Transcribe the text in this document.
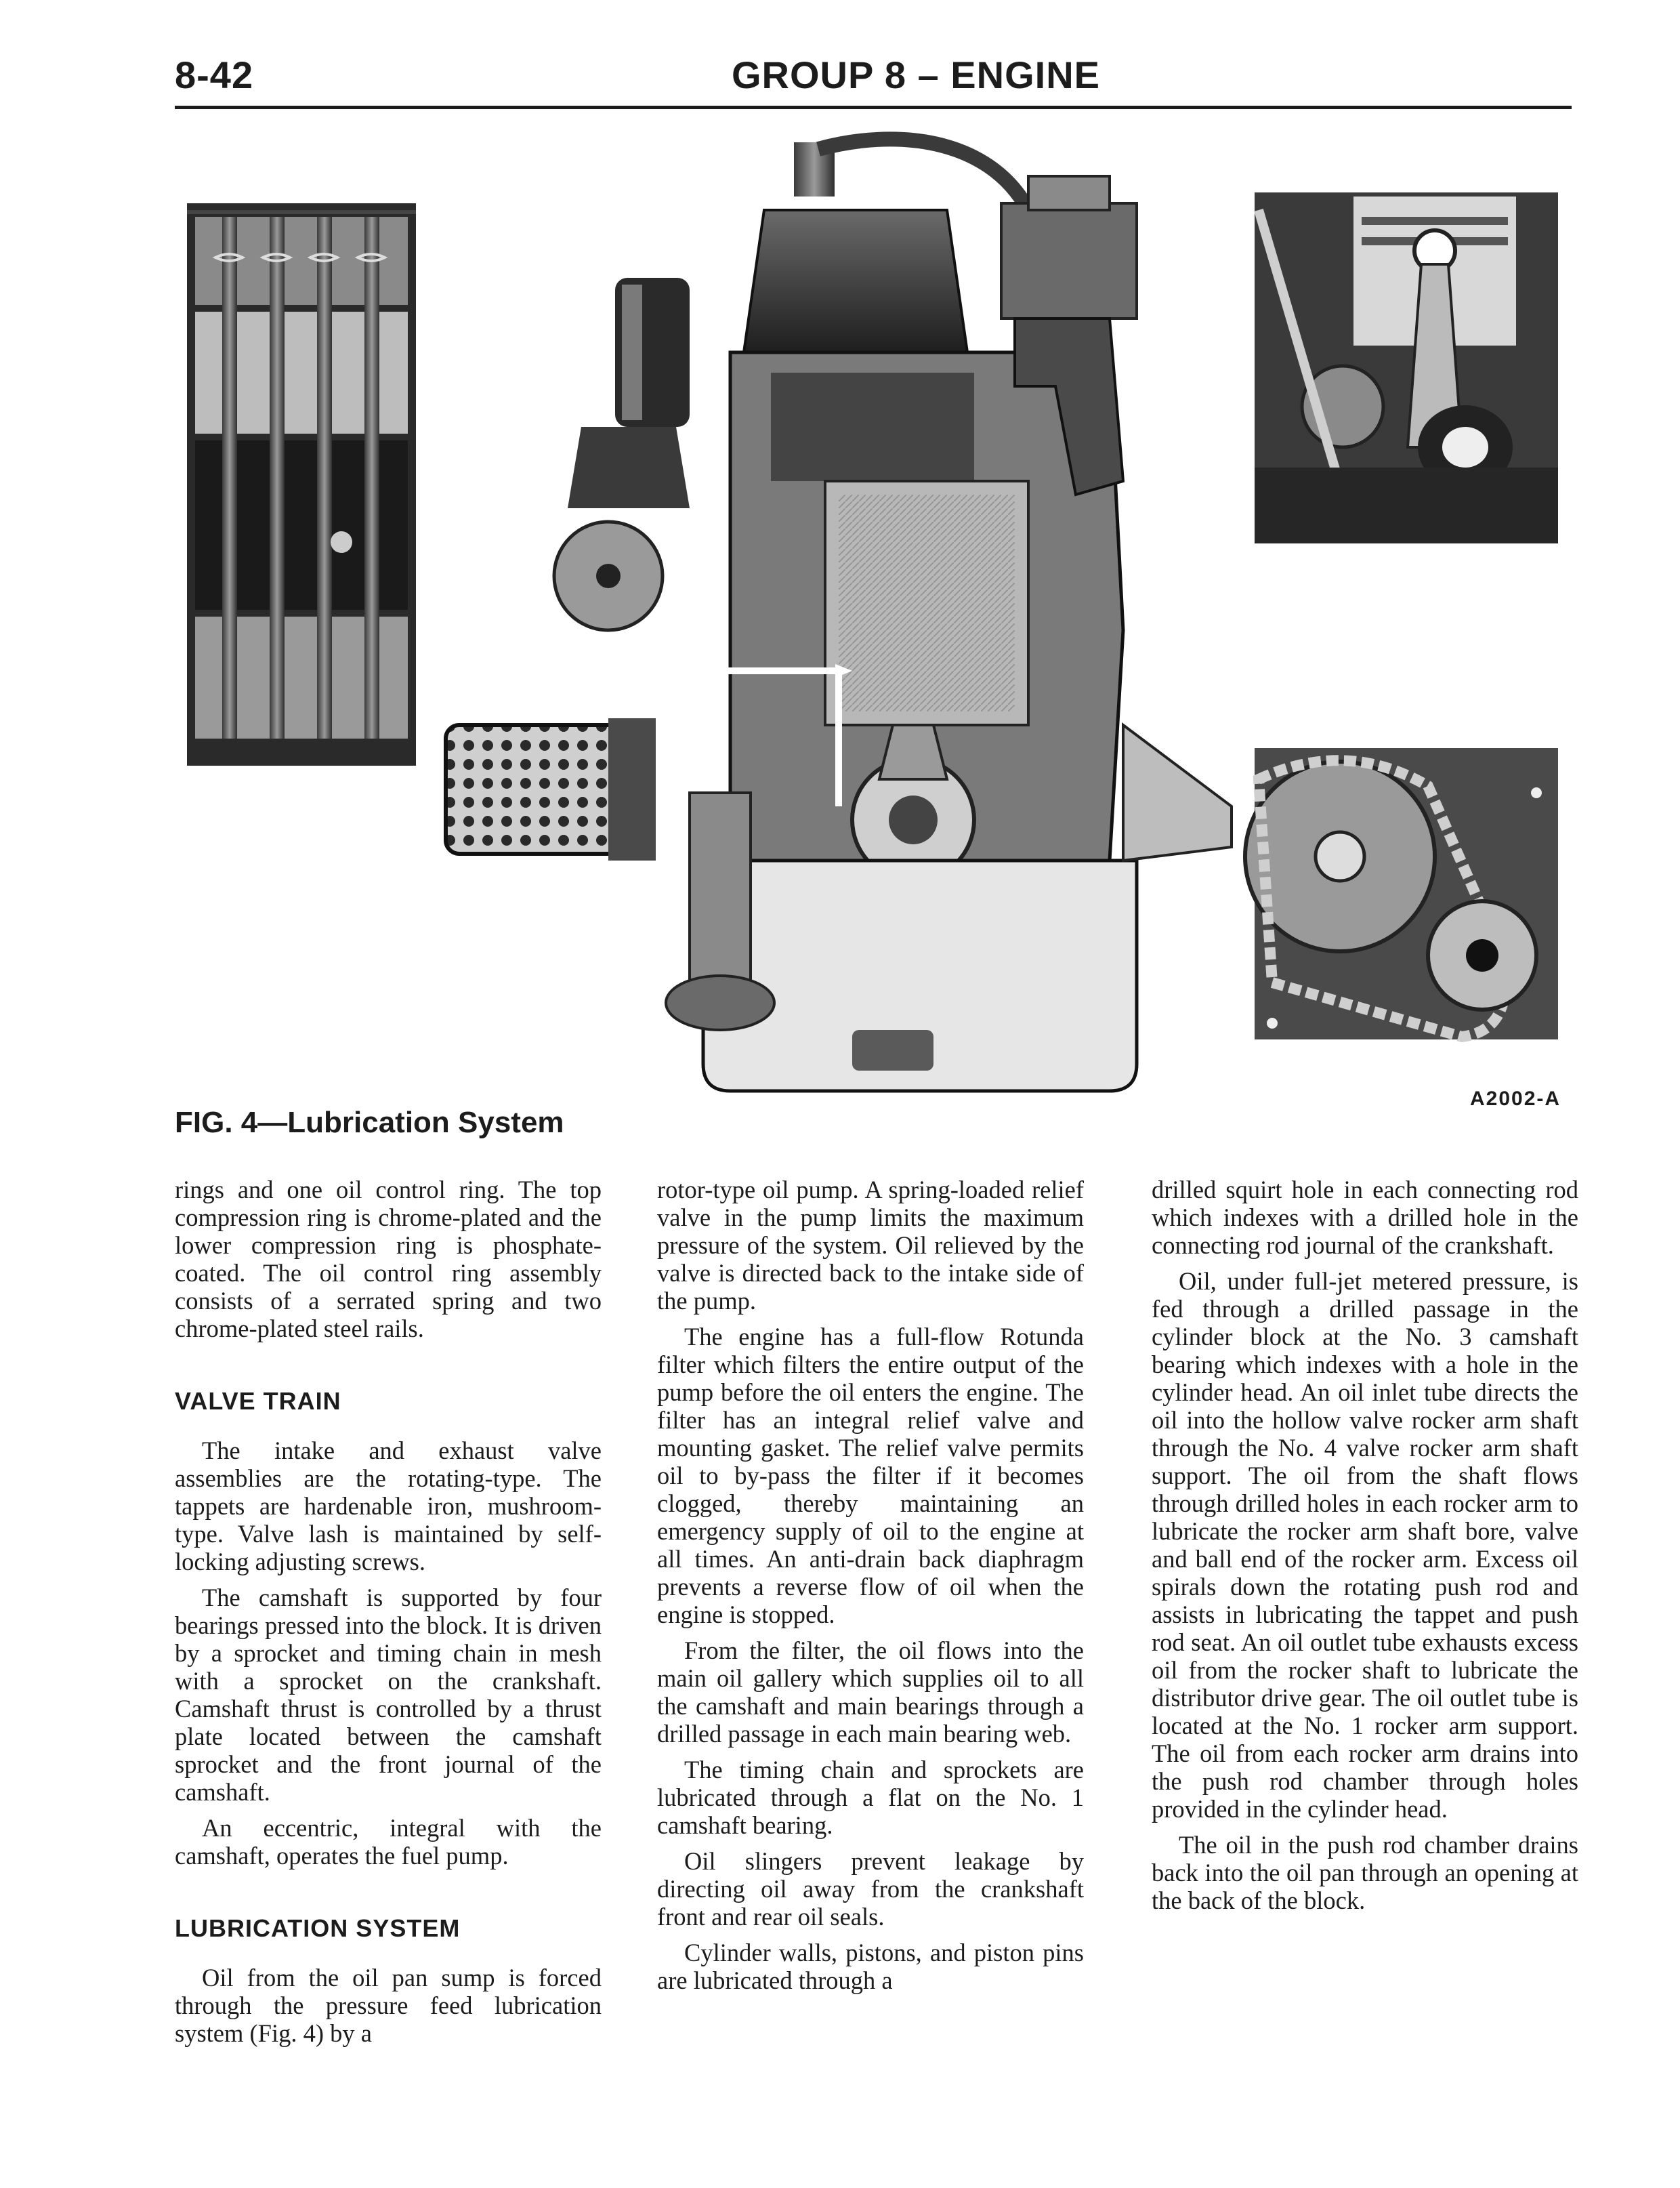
8-42	GROUP 8 – ENGINE
FIG. 4—Lubrication System
A2002-A

rings and one oil control ring. The top compression ring is chrome-plated and the lower compression ring is phosphate-coated. The oil control ring assembly consists of a serrated spring and two chrome-plated steel rails.

VALVE TRAIN

The intake and exhaust valve assemblies are the rotating-type. The tappets are hardenable iron, mushroom-type. Valve lash is maintained by self-locking adjusting screws.

The camshaft is supported by four bearings pressed into the block. It is driven by a sprocket and timing chain in mesh with a sprocket on the crankshaft. Camshaft thrust is controlled by a thrust plate located between the camshaft sprocket and the front journal of the camshaft.

An eccentric, integral with the camshaft, operates the fuel pump.

LUBRICATION SYSTEM

Oil from the oil pan sump is forced through the pressure feed lubrication system (Fig. 4) by a

rotor-type oil pump. A spring-loaded relief valve in the pump limits the maximum pressure of the system. Oil relieved by the valve is directed back to the intake side of the pump.

The engine has a full-flow Rotunda filter which filters the entire output of the pump before the oil enters the engine. The filter has an integral relief valve and mounting gasket. The relief valve permits oil to by-pass the filter if it becomes clogged, thereby maintaining an emergency supply of oil to the engine at all times. An anti-drain back diaphragm prevents a reverse flow of oil when the engine is stopped.

From the filter, the oil flows into the main oil gallery which supplies oil to all the camshaft and main bearings through a drilled passage in each main bearing web.

The timing chain and sprockets are lubricated through a flat on the No. 1 camshaft bearing.

Oil slingers prevent leakage by directing oil away from the crankshaft front and rear oil seals.

Cylinder walls, pistons, and piston pins are lubricated through a

drilled squirt hole in each connecting rod which indexes with a drilled hole in the connecting rod journal of the crankshaft.

Oil, under full-jet metered pressure, is fed through a drilled passage in the cylinder block at the No. 3 camshaft bearing which indexes with a hole in the cylinder head. An oil inlet tube directs the oil into the hollow valve rocker arm shaft through the No. 4 valve rocker arm shaft support. The oil from the shaft flows through drilled holes in each rocker arm to lubricate the rocker arm shaft bore, valve and ball end of the rocker arm. Excess oil spirals down the rotating push rod and assists in lubricating the tappet and push rod seat. An oil outlet tube exhausts excess oil from the rocker shaft to lubricate the distributor drive gear. The oil outlet tube is located at the No. 1 rocker arm support. The oil from each rocker arm drains into the push rod chamber through holes provided in the cylinder head.

The oil in the push rod chamber drains back into the oil pan through an opening at the back of the block.
